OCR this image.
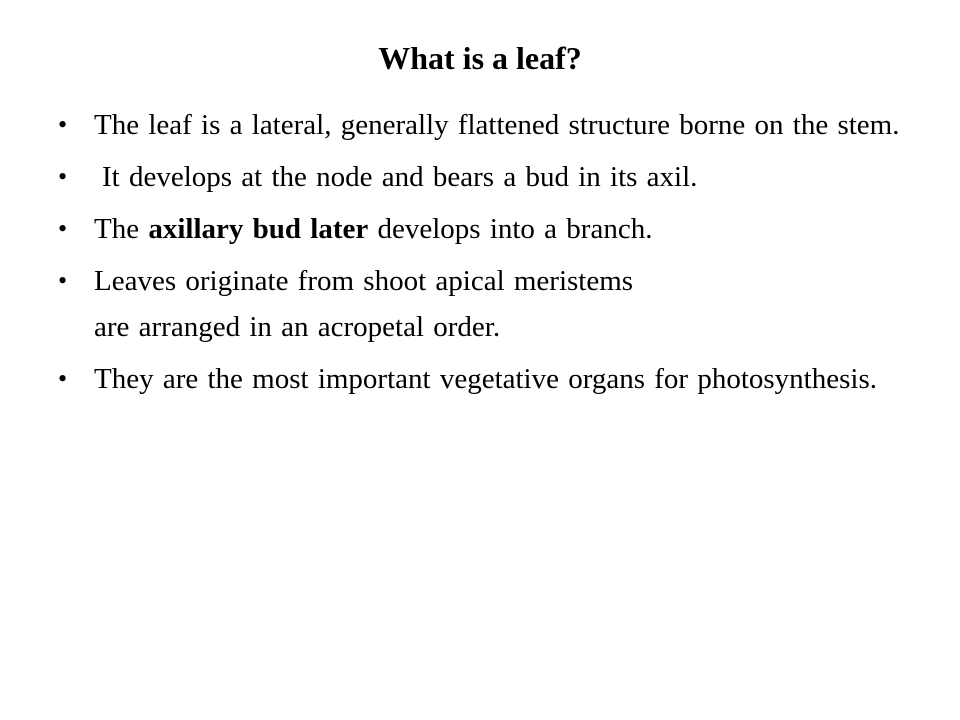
What is a leaf?
• The leaf is a lateral, generally flattened structure borne on the stem.
•	It develops at the node and bears a bud in its axil.
• The axillary bud later develops into a branch.
• Leaves originate from shoot apical meristems
are arranged in an acropetal order.
• They are the most important vegetative organs for photosynthesis.
